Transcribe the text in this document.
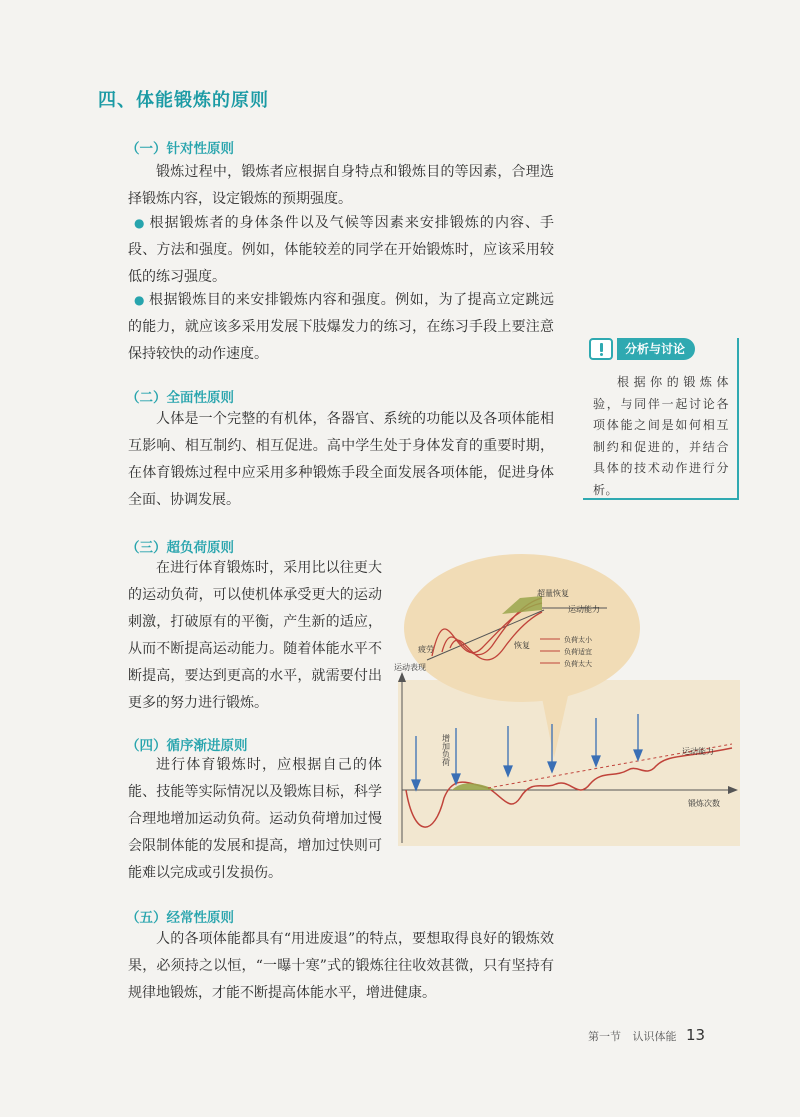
四、体能锻炼的原则
（一）针对性原则

锻炼过程中，锻炼者应根据自身特点和锻炼目的等因素，合理选择锻炼内容，设定锻炼的预期强度。

● 根据锻炼者的身体条件以及气候等因素来安排锻炼的内容、手段、方法和强度。例如，体能较差的同学在开始锻炼时，应该采用较低的练习强度。

● 根据锻炼目的来安排锻炼内容和强度。例如，为了提高立定跳远的能力，就应该多采用发展下肢爆发力的练习，在练习手段上要注意保持较快的动作速度。

（二）全面性原则

人体是一个完整的有机体，各器官、系统的功能以及各项体能相互影响、相互制约、相互促进。高中学生处于身体发育的重要时期，在体育锻炼过程中应采用多种锻炼手段全面发展各项体能，促进身体全面、协调发展。

（三）超负荷原则

在进行体育锻炼时，采用比以往更大的运动负荷，可以使机体承受更大的运动刺激，打破原有的平衡，产生新的适应，从而不断提高运动能力。随着体能水平不断提高，要达到更高的水平，就需要付出更多的努力进行锻炼。

（四）循序渐进原则

进行体育锻炼时，应根据自己的体能、技能等实际情况以及锻炼目标，科学合理地增加运动负荷。运动负荷增加过慢会限制体能的发展和提高，增加过快则可能难以完成或引发损伤。

（五）经常性原则

人的各项体能都具有“用进废退”的特点，要想取得良好的锻炼效果，必须持之以恒，“一曝十寒”式的锻炼往往收效甚微，只有坚持有规律地锻炼，才能不断提高体能水平，增进健康。

分析与讨论

根据你的锻炼体验，与同伴一起讨论各项体能之间是如何相互制约和促进的，并结合具体的技术动作进行分析。

超量恢复
运动能力
疲劳	恢复
负荷太小
负荷适宜
负荷太大
运动表现
锻炼次数
运动能力
增加负荷
第一节 认识体能 13
